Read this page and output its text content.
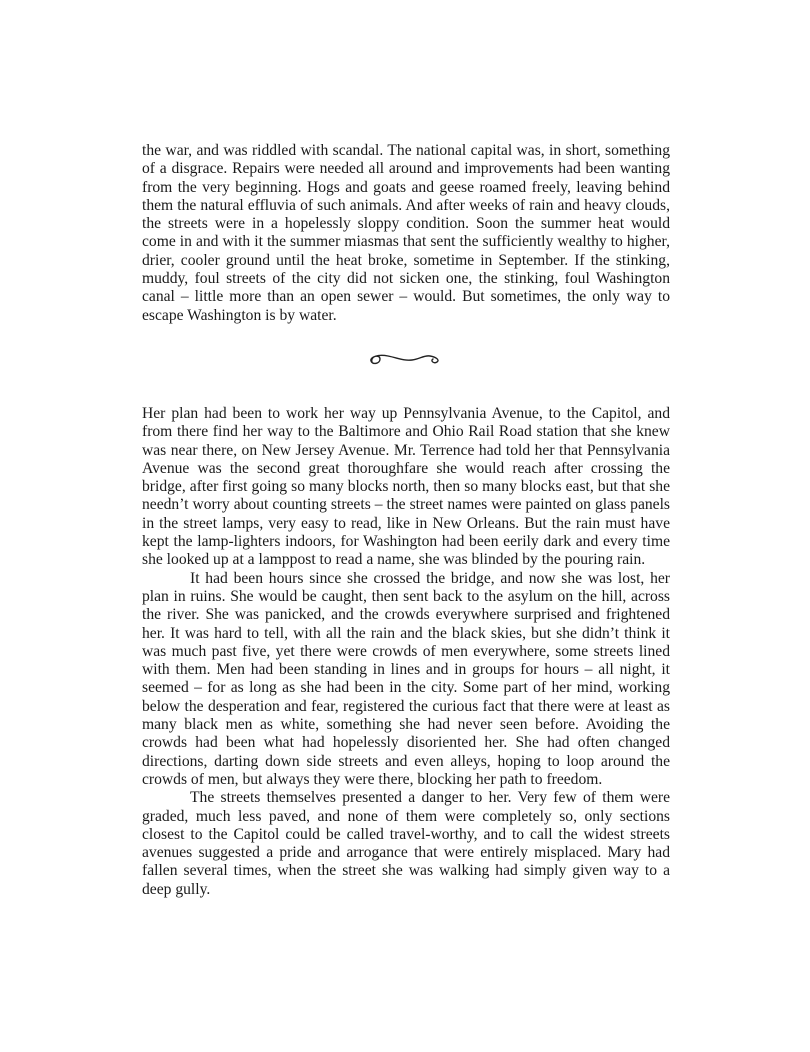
the war, and was riddled with scandal. The national capital was, in short, something of a disgrace. Repairs were needed all around and improvements had been wanting from the very beginning. Hogs and goats and geese roamed freely, leaving behind them the natural effluvia of such animals. And after weeks of rain and heavy clouds, the streets were in a hopelessly sloppy condition. Soon the summer heat would come in and with it the summer miasmas that sent the sufficiently wealthy to higher, drier, cooler ground until the heat broke, sometime in September. If the stinking, muddy, foul streets of the city did not sicken one, the stinking, foul Washington canal – little more than an open sewer – would. But sometimes, the only way to escape Washington is by water.

Her plan had been to work her way up Pennsylvania Avenue, to the Capitol, and from there find her way to the Baltimore and Ohio Rail Road station that she knew was near there, on New Jersey Avenue. Mr. Terrence had told her that Pennsylvania Avenue was the second great thoroughfare she would reach after crossing the bridge, after first going so many blocks north, then so many blocks east, but that she needn’t worry about counting streets – the street names were painted on glass panels in the street lamps, very easy to read, like in New Orleans. But the rain must have kept the lamp-lighters indoors, for Washington had been eerily dark and every time she looked up at a lamppost to read a name, she was blinded by the pouring rain.

It had been hours since she crossed the bridge, and now she was lost, her plan in ruins. She would be caught, then sent back to the asylum on the hill, across the river. She was panicked, and the crowds everywhere surprised and frightened her. It was hard to tell, with all the rain and the black skies, but she didn’t think it was much past five, yet there were crowds of men everywhere, some streets lined with them. Men had been standing in lines and in groups for hours – all night, it seemed – for as long as she had been in the city. Some part of her mind, working below the desperation and fear, registered the curious fact that there were at least as many black men as white, something she had never seen before. Avoiding the crowds had been what had hopelessly disoriented her. She had often changed directions, darting down side streets and even alleys, hoping to loop around the crowds of men, but always they were there, blocking her path to freedom.

The streets themselves presented a danger to her. Very few of them were graded, much less paved, and none of them were completely so, only sections closest to the Capitol could be called travel-worthy, and to call the widest streets avenues suggested a pride and arrogance that were entirely misplaced. Mary had fallen several times, when the street she was walking had simply given way to a deep gully.
